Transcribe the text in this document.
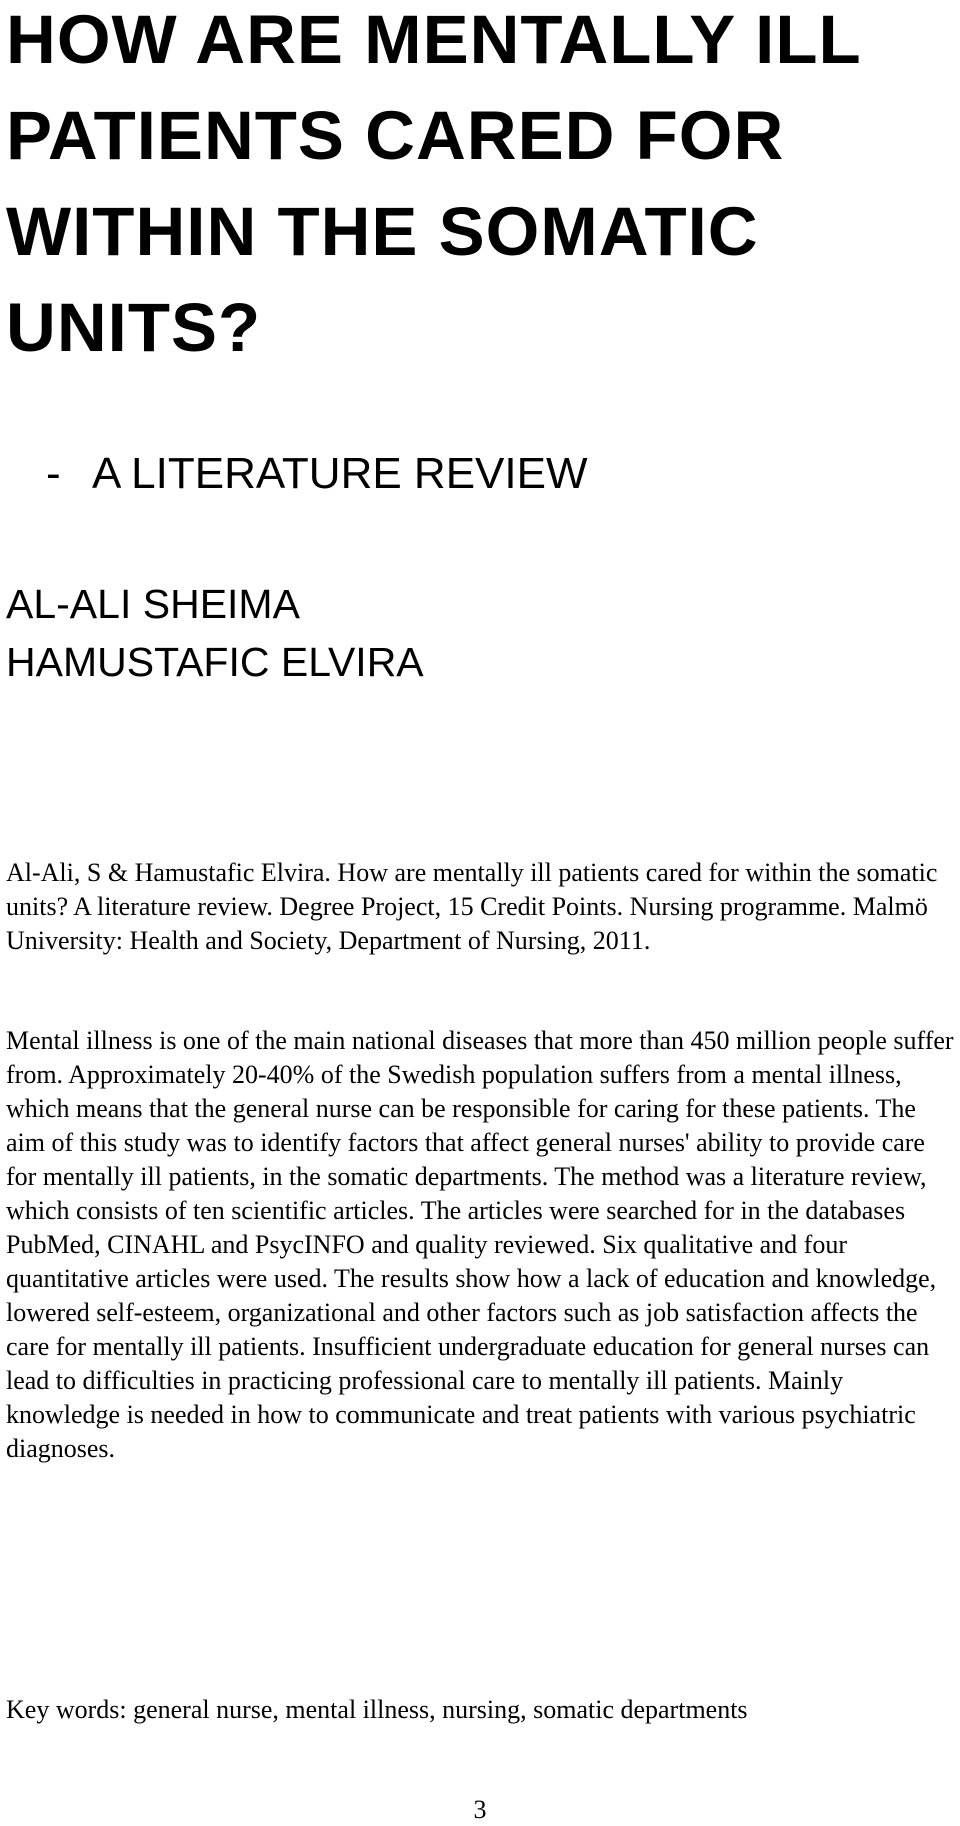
HOW ARE MENTALLY ILL PATIENTS CARED FOR WITHIN THE SOMATIC UNITS?
- A LITERATURE REVIEW
AL-ALI SHEIMA
HAMUSTAFIC ELVIRA

Al-Ali, S & Hamustafic Elvira. How are mentally ill patients cared for within the somatic units? A literature review. Degree Project, 15 Credit Points. Nursing programme. Malmö University: Health and Society, Department of Nursing, 2011.

Mental illness is one of the main national diseases that more than 450 million people suffer from. Approximately 20-40% of the Swedish population suffers from a mental illness, which means that the general nurse can be responsible for caring for these patients. The aim of this study was to identify factors that affect general nurses' ability to provide care for mentally ill patients, in the somatic departments. The method was a literature review, which consists of ten scientific articles. The articles were searched for in the databases PubMed, CINAHL and PsycINFO and quality reviewed. Six qualitative and four quantitative articles were used. The results show how a lack of education and knowledge, lowered self-esteem, organizational and other factors such as job satisfaction affects the care for mentally ill patients. Insufficient undergraduate education for general nurses can lead to difficulties in practicing professional care to mentally ill patients. Mainly knowledge is needed in how to communicate and treat patients with various psychiatric diagnoses.

Key words: general nurse, mental illness, nursing, somatic departments

3
